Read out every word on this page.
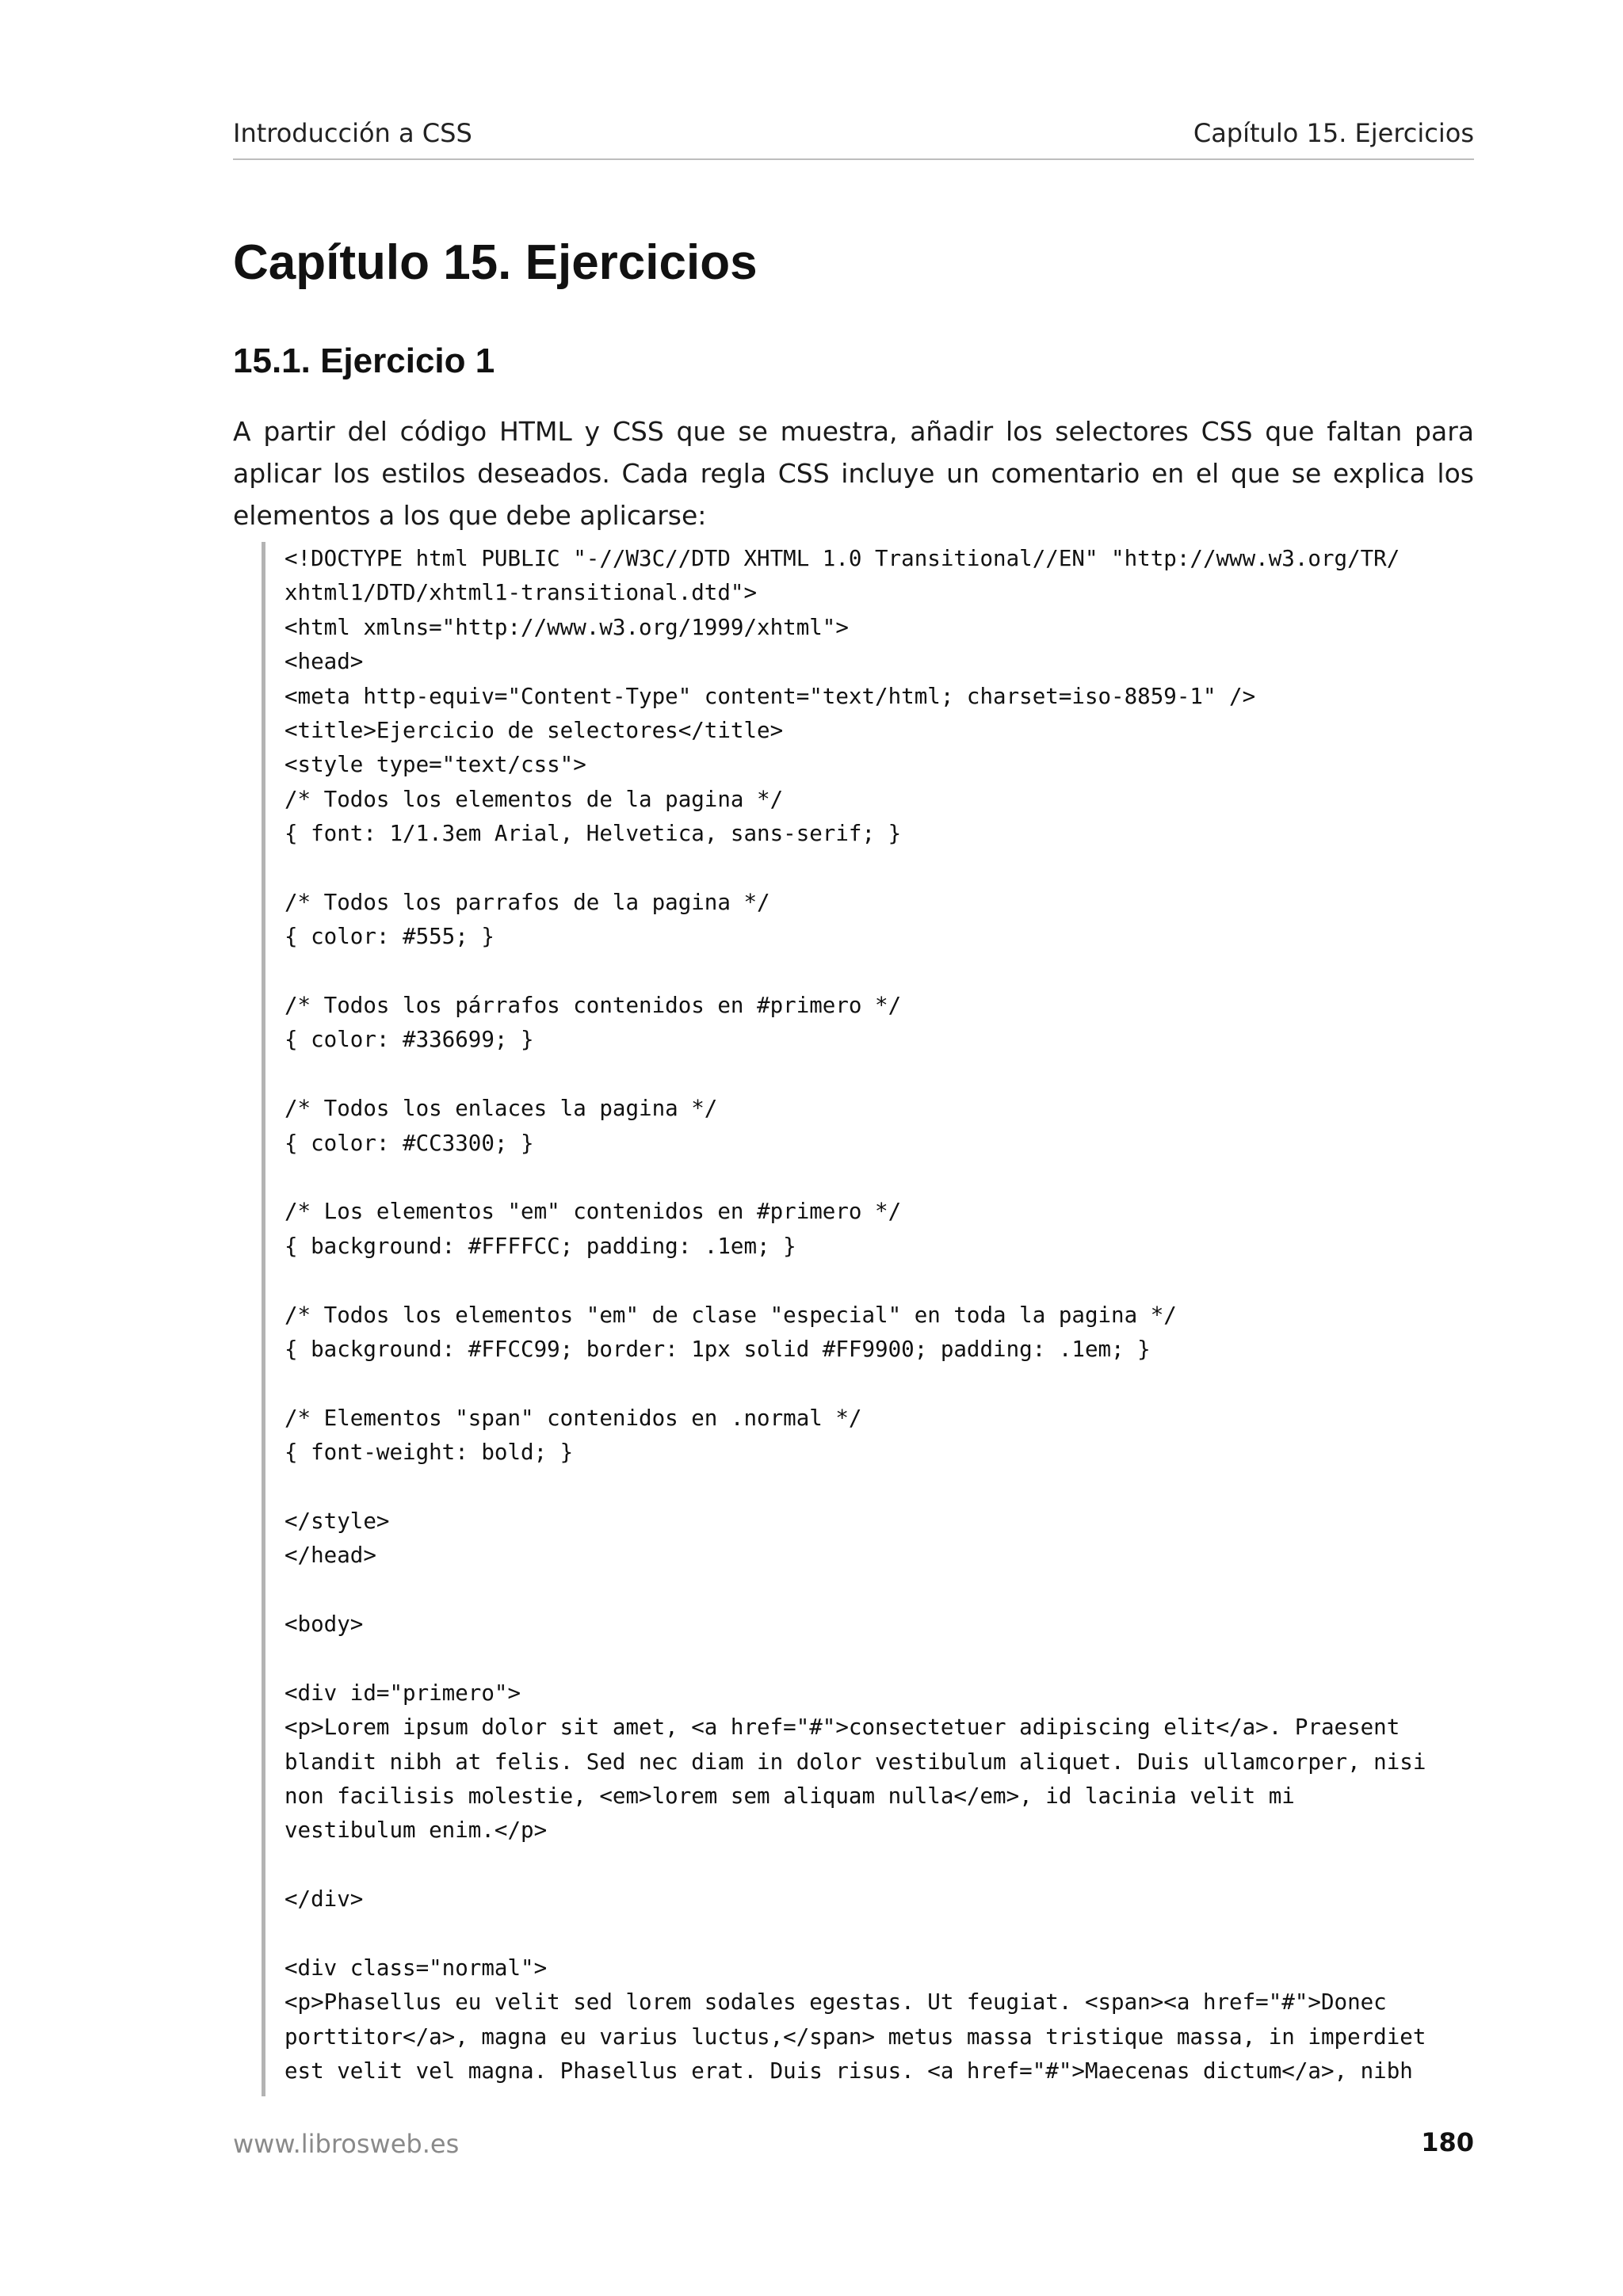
Introducción a CSS	Capítulo 15. Ejercicios
Capítulo 15. Ejercicios
15.1. Ejercicio 1

A partir del código HTML y CSS que se muestra, añadir los selectores CSS que faltan para aplicar los estilos deseados. Cada regla CSS incluye un comentario en el que se explica los elementos a los que debe aplicarse:

<!DOCTYPE html PUBLIC "-//W3C//DTD XHTML 1.0 Transitional//EN" "http://www.w3.org/TR/
xhtml1/DTD/xhtml1-transitional.dtd">
<html xmlns="http://www.w3.org/1999/xhtml">
<head>
<meta http-equiv="Content-Type" content="text/html; charset=iso-8859-1" />
<title>Ejercicio de selectores</title>
<style type="text/css">
/* Todos los elementos de la pagina */
{ font: 1/1.3em Arial, Helvetica, sans-serif; }
/* Todos los parrafos de la pagina */
{ color: #555; }
/* Todos los párrafos contenidos en #primero */
{ color: #336699; }
/* Todos los enlaces la pagina */
{ color: #CC3300; }
/* Los elementos "em" contenidos en #primero */
{ background: #FFFFCC; padding: .1em; }
/* Todos los elementos "em" de clase "especial" en toda la pagina */
{ background: #FFCC99; border: 1px solid #FF9900; padding: .1em; }
/* Elementos "span" contenidos en .normal */
{ font-weight: bold; }
</style>
</head>
<body>
<div id="primero">
<p>Lorem ipsum dolor sit amet, <a href="#">consectetuer adipiscing elit</a>. Praesent
blandit nibh at felis. Sed nec diam in dolor vestibulum aliquet. Duis ullamcorper, nisi
non facilisis molestie, <em>lorem sem aliquam nulla</em>, id lacinia velit mi
vestibulum enim.</p>
</div>
<div class="normal">
<p>Phasellus eu velit sed lorem sodales egestas. Ut feugiat. <span><a href="#">Donec
porttitor</a>, magna eu varius luctus,</span> metus massa tristique massa, in imperdiet
est velit vel magna. Phasellus erat. Duis risus. <a href="#">Maecenas dictum</a>, nibh
www.librosweb.es	180
